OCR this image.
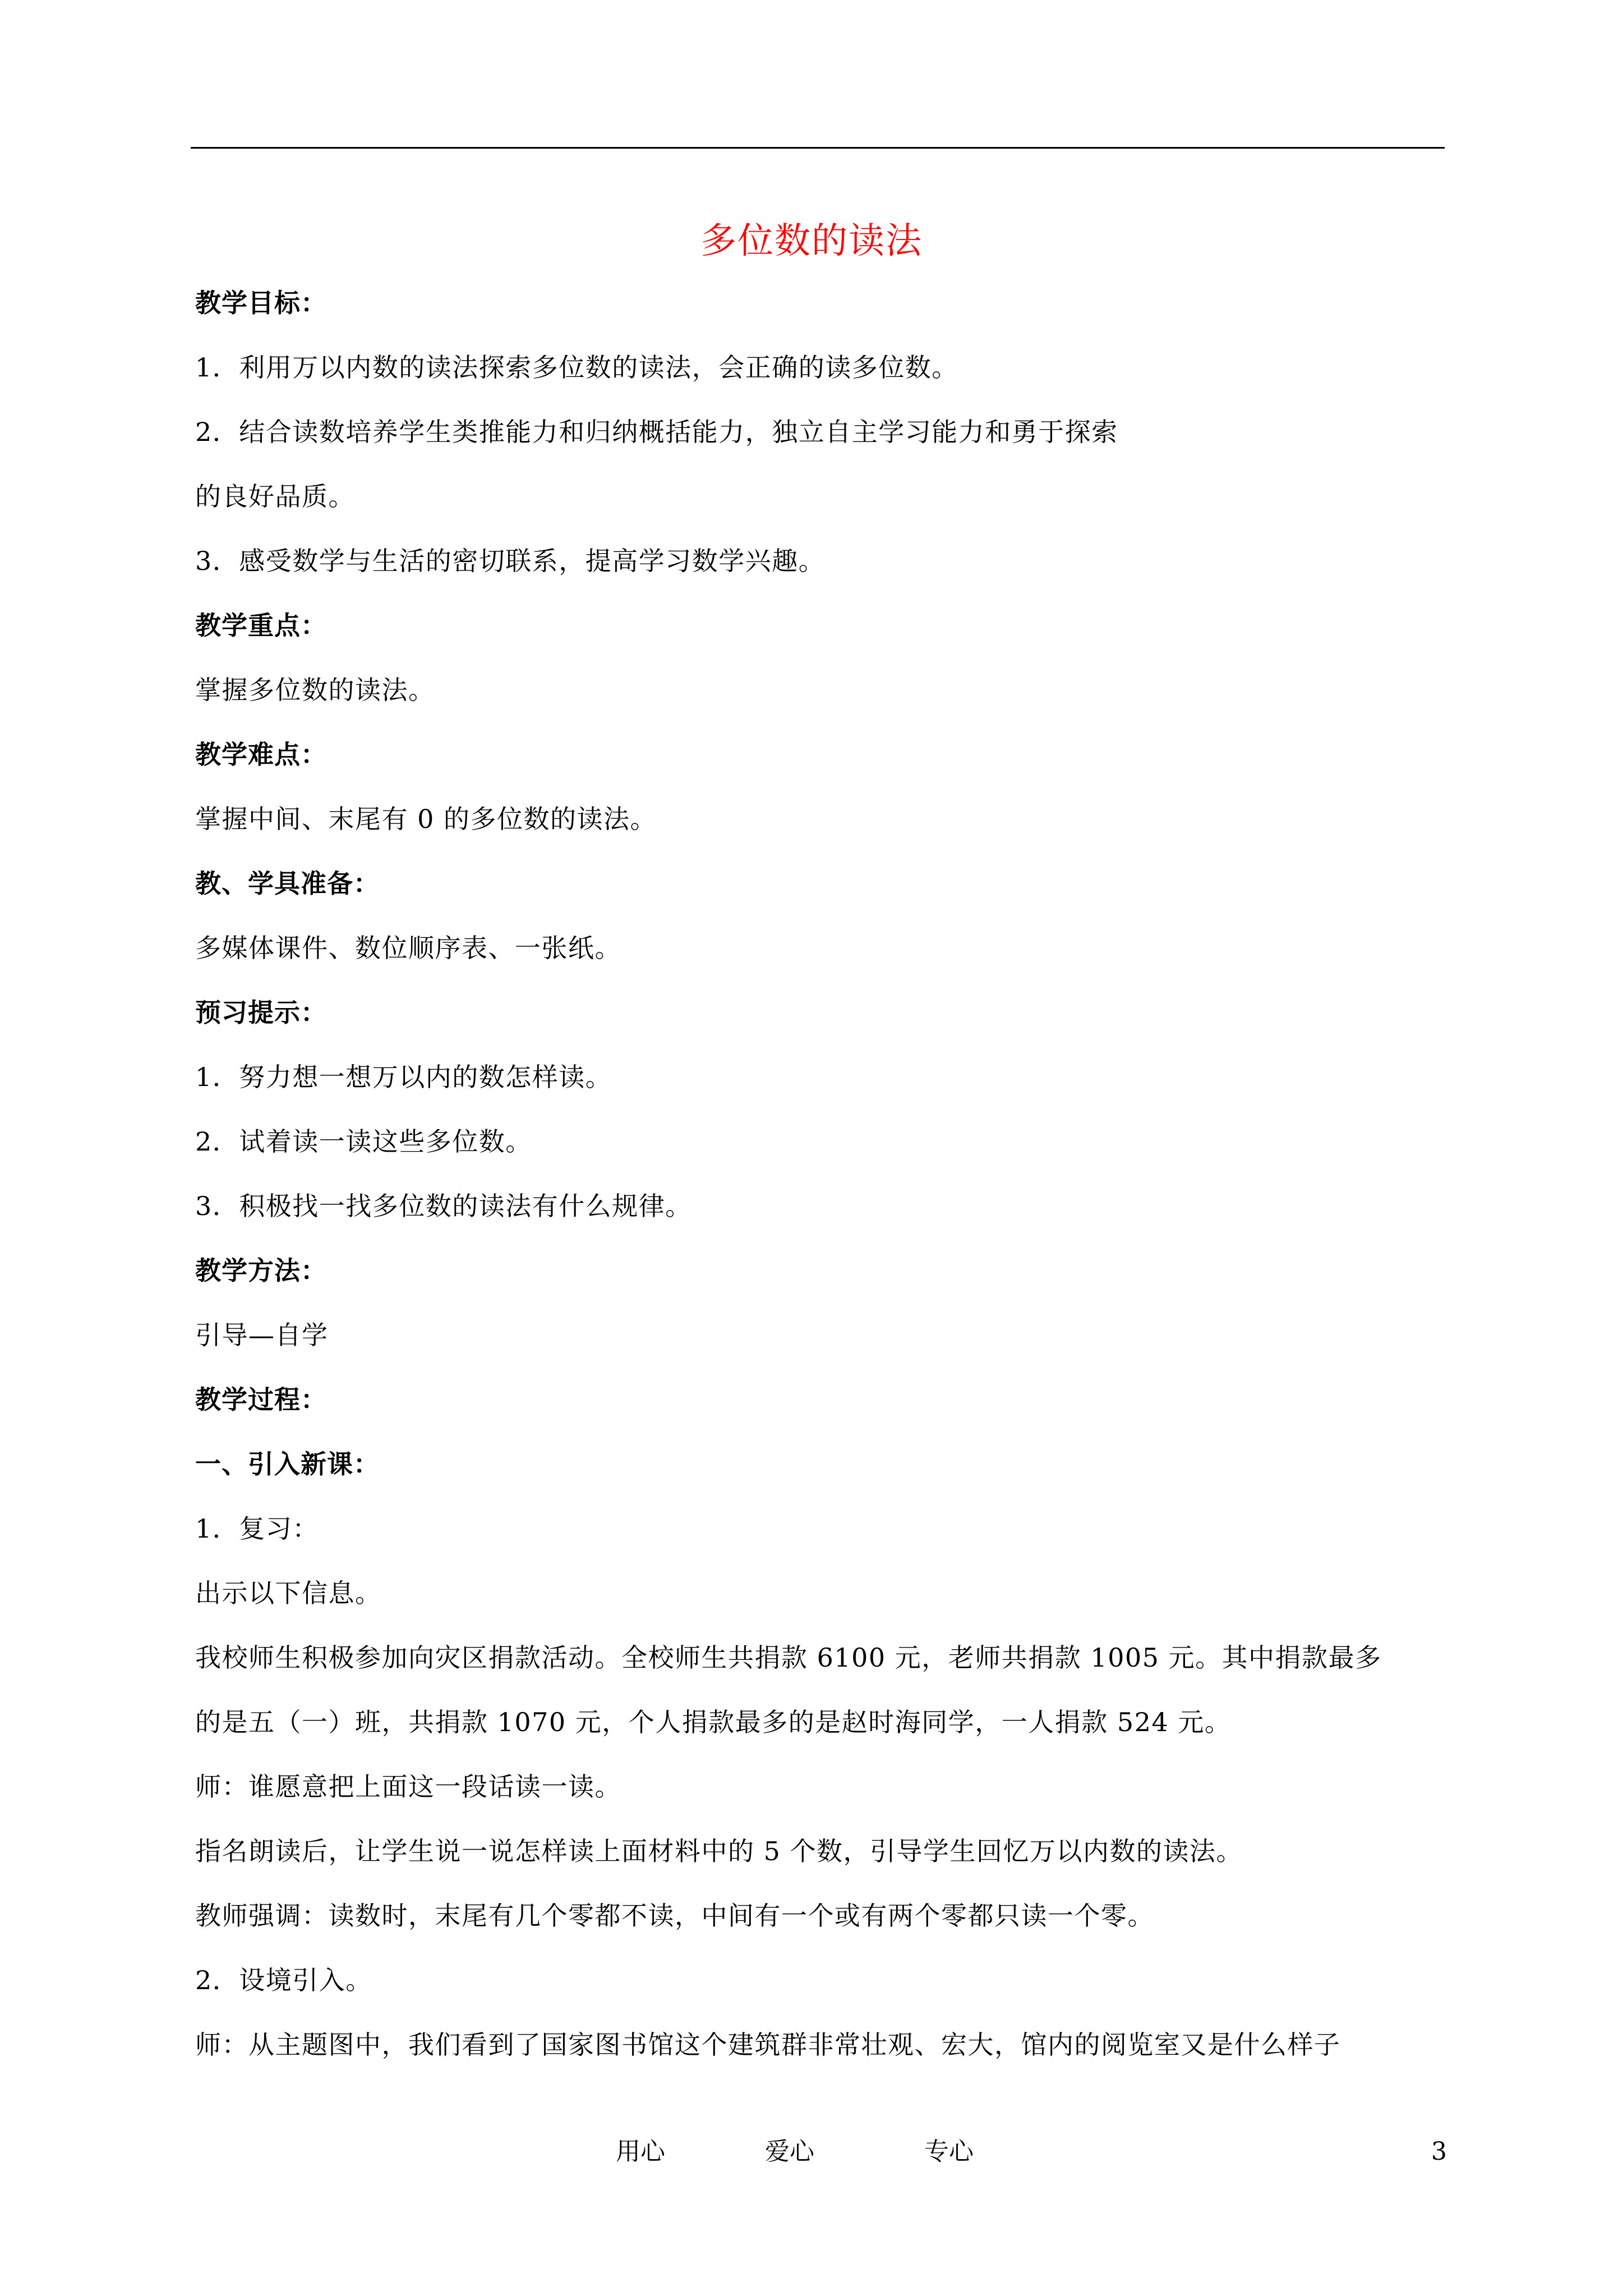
多位数的读法
教学目标：
1．利用万以内数的读法探索多位数的读法，会正确的读多位数。
2．结合读数培养学生类推能力和归纳概括能力，独立自主学习能力和勇于探索
的良好品质。
3．感受数学与生活的密切联系，提高学习数学兴趣。
教学重点：
掌握多位数的读法。
教学难点：
掌握中间、末尾有 0 的多位数的读法。
教、学具准备：
多媒体课件、数位顺序表、一张纸。
预习提示：
1．努力想一想万以内的数怎样读。
2．试着读一读这些多位数。
3．积极找一找多位数的读法有什么规律。
教学方法：
引导—自学
教学过程：
一、引入新课：
1．复习：
出示以下信息。
我校师生积极参加向灾区捐款活动。全校师生共捐款 6100 元，老师共捐款 1005 元。其中捐款最多
的是五（一）班，共捐款 1070 元，个人捐款最多的是赵时海同学，一人捐款 524 元。
师：谁愿意把上面这一段话读一读。
指名朗读后，让学生说一说怎样读上面材料中的 5 个数，引导学生回忆万以内数的读法。
教师强调：读数时，末尾有几个零都不读，中间有一个或有两个零都只读一个零。
2．设境引入。
师：从主题图中，我们看到了国家图书馆这个建筑群非常壮观、宏大，馆内的阅览室又是什么样子
用心	爱心	专心	3
